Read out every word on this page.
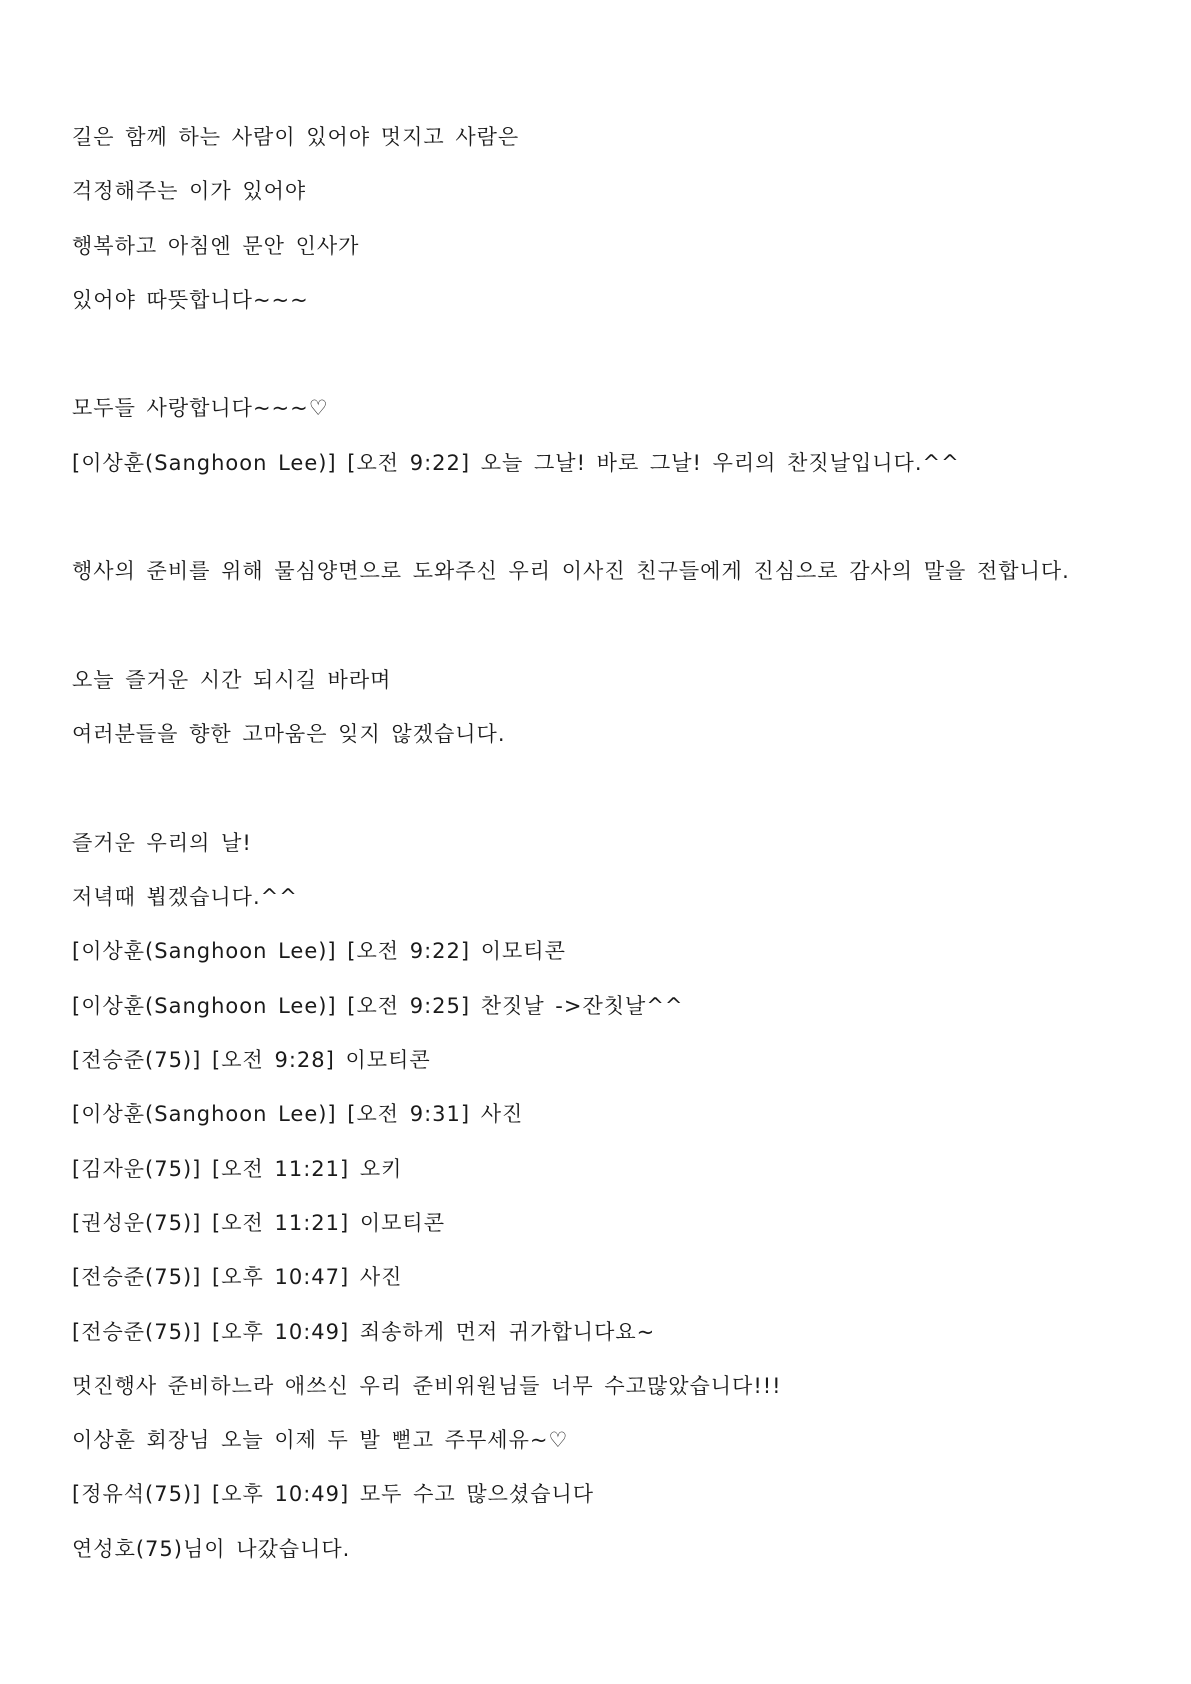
길은 함께 하는 사람이 있어야 멋지고 사람은
걱정해주는 이가 있어야
행복하고 아침엔 문안 인사가
있어야 따뜻합니다~~~
모두들 사랑합니다~~~♡
[이상훈(Sanghoon Lee)] [오전 9:22] 오늘 그날! 바로 그날! 우리의 찬짓날입니다.^^
행사의 준비를 위해 물심양면으로 도와주신 우리 이사진 친구들에게 진심으로 감사의 말을 전합니다.
오늘 즐거운 시간 되시길 바라며
여러분들을 향한 고마움은 잊지 않겠습니다.
즐거운 우리의 날!
저녁때 뵙겠습니다.^^
[이상훈(Sanghoon Lee)] [오전 9:22] 이모티콘
[이상훈(Sanghoon Lee)] [오전 9:25] 찬짓날 ->잔칫날^^
[전승준(75)] [오전 9:28] 이모티콘
[이상훈(Sanghoon Lee)] [오전 9:31] 사진
[김자운(75)] [오전 11:21] 오키
[권성운(75)] [오전 11:21] 이모티콘
[전승준(75)] [오후 10:47] 사진
[전승준(75)] [오후 10:49] 죄송하게 먼저 귀가합니다요~
멋진행사 준비하느라 애쓰신 우리 준비위원님들 너무 수고많았습니다!!!
이상훈 회장님 오늘 이제 두 발 뻗고 주무세유~♡
[정유석(75)] [오후 10:49] 모두 수고 많으셨습니다
연성호(75)님이 나갔습니다.
